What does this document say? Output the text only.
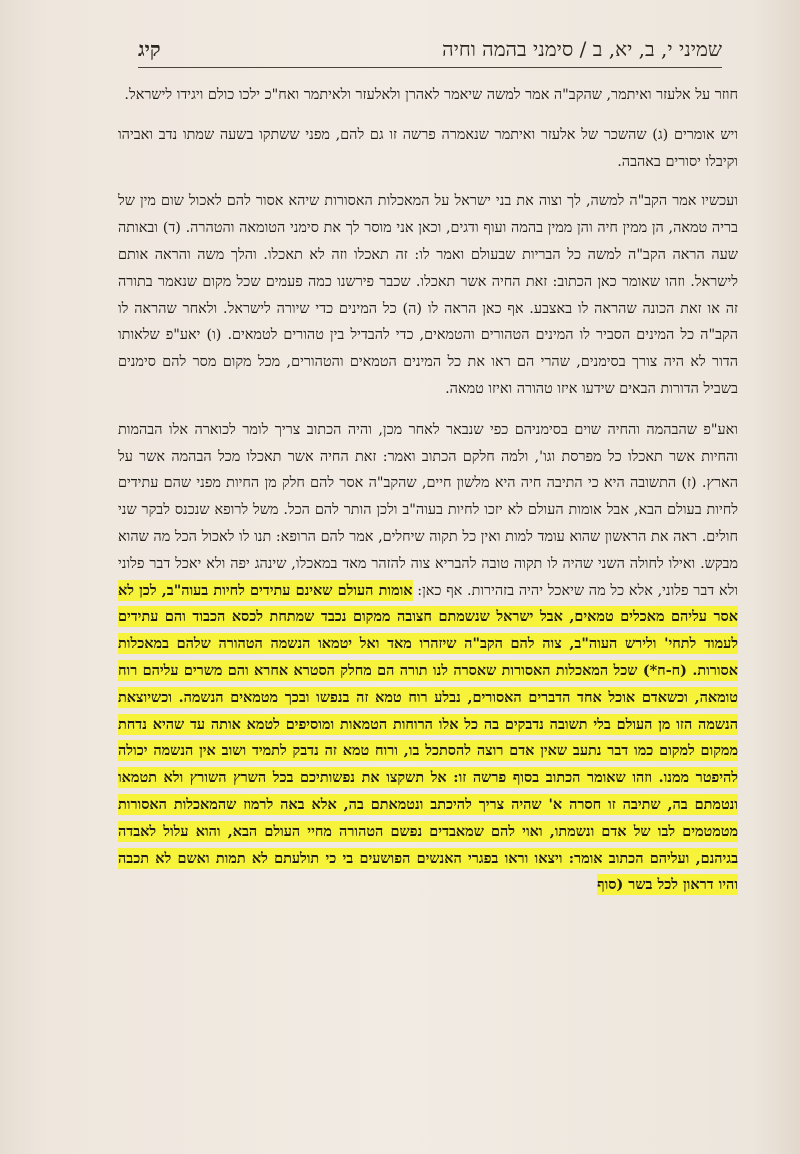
שמיני י, ב, יא, ב / סימני בהמה וחיה
קיג

חוזר על אלעזר ואיתמר, שהקב"ה אמר למשה שיאמר לאהרן ולאלעזר ולאיתמר ואח"כ ילכו כולם ויגידו לישראל.

ויש אומרים (ג) שהשכר של אלעזר ואיתמר שנאמרה פרשה זו גם להם, מפני ששתקו בשעה שמתו נדב ואביהו וקיבלו יסורים באהבה.

ועכשיו אמר הקב"ה למשה, לך וצוה את בני ישראל על המאכלות האסורות שיהא אסור להם לאכול שום מין של בריה טמאה, הן ממין חיה והן ממין בהמה ועוף ודגים, וכאן אני מוסר לך את סימני הטומאה והטהרה. (ד) ובאותה שעה הראה הקב"ה למשה כל הבריות שבעולם ואמר לו: זה תאכלו וזה לא תאכלו. והלך משה והראה אותם לישראל. וזהו שאומר כאן הכתוב: זאת החיה אשר תאכלו. שכבר פירשנו כמה פעמים שכל מקום שנאמר בתורה זה או זאת הכונה שהראה לו באצבע. אף כאן הראה לו (ה) כל המינים כדי שיורה לישראל. ולאחר שהראה לו הקב"ה כל המינים הסביר לו המינים הטהורים והטמאים, כדי להבדיל בין טהורים לטמאים. (ו) יאע"פ שלאותו הדור לא היה צורך בסימנים, שהרי הם ראו את כל המינים הטמאים והטהורים, מכל מקום מסר להם סימנים בשביל הדורות הבאים שידעו איזו טהורה ואיזו טמאה.

ואע"פ שהבהמה והחיה שוים בסימניהם כפי שנבאר לאחר מכן, והיה הכתוב צריך לומר לכוארה אלו הבהמות והחיות אשר תאכלו כל מפרסת וגו', ולמה חלקם הכתוב ואמר: זאת החיה אשר תאכלו מכל הבהמה אשר על הארץ. (ז) התשובה היא כי התיבה חיה היא מלשון חיים, שהקב"ה אסר להם חלק מן החיות מפני שהם עתידים לחיות בעולם הבא, אבל אומות העולם לא יזכו לחיות בעוה"ב ולכן הותר להם הכל. משל לרופא שנכנס לבקר שני חולים. ראה את הראשון שהוא עומד למות ואין כל תקוה שיחלים, אמר להם הרופא: תנו לו לאכול הכל מה שהוא מבקש. ואילו לחולה השני שהיה לו תקוה טובה להבריא צוה להזהר מאד במאכלו, שינהג יפה ולא יאכל דבר פלוני ולא דבר פלוני, אלא כל מה שיאכל יהיה בזהירות. אף כאן: אומות העולם שאינם עתידים לחיות בעוה"ב, לכן לא אסר עליהם מאכלים טמאים, אבל ישראל שנשמתם חצובה ממקום נכבד שמתחת לכסא הכבוד והם עתידים לעמוד לתחי' ולירש העוה"ב, צוה להם הקב"ה שיזהרו מאד ואל יטמאו הנשמה הטהורה שלהם במאכלות אסורות. (ח-ח*) שכל המאכלות האסורות שאסרה לנו תורה הם מחלק הסטרא אחרא והם משרים עליהם רוח טומאה, וכשאדם אוכל אחד הדברים האסורים, נבלע רוח טמא זה בנפשו ובכך מטמאים הנשמה. וכשיוצאת הנשמה הזו מן העולם בלי תשובה נדבקים בה כל אלו הרוחות הטמאות ומוסיפים לטמא אותה עד שהיא נדחת ממקום למקום כמו דבר נתעב שאין אדם רוצה להסתכל בו, ורוח טמא זה נדבק לתמיד ושוב אין הנשמה יכולה להיפטר ממנו. וזהו שאומר הכתוב בסוף פרשה זו: אל תשקצו את נפשותיכם בכל השרץ השורץ ולא תטמאו ונטמתם בה, שתיבה זו חסרה א' שהיה צריך להיכתב ונטמאתם בה, אלא באה לרמוז שהמאכלות האסורות מטמטמים לבו של אדם ונשמתו, ואוי להם שמאבדים נפשם הטהורה מחיי העולם הבא, והוא עלול לאבדה בגיהנם, ועליהם הכתוב אומר: ויצאו וראו בפגרי האנשים הפושעים בי כי תולעתם לא תמות ואשם לא תכבה והיו דראון לכל בשר (סוף
